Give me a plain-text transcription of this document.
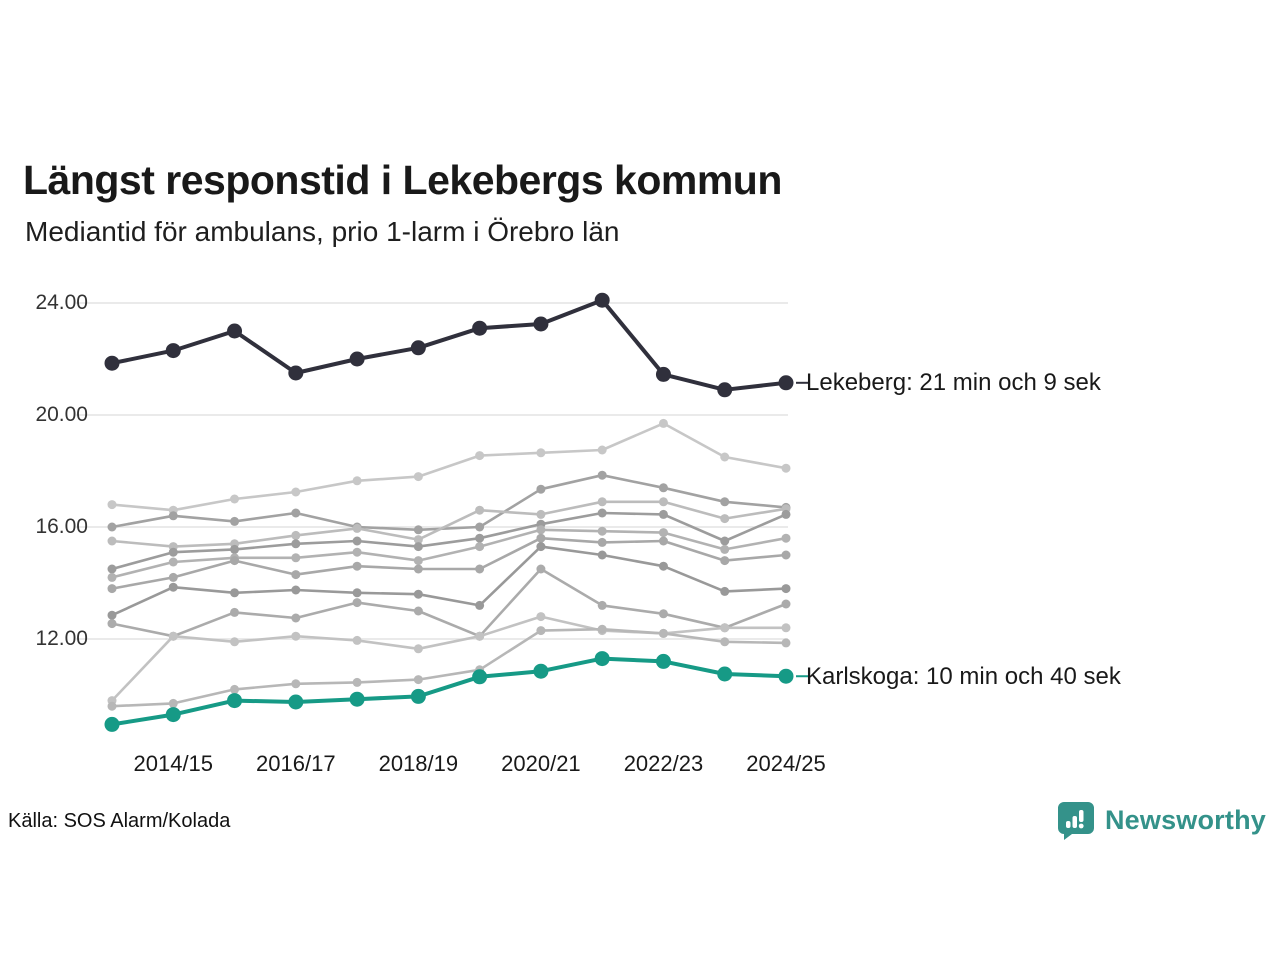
Längst responstid i Lekebergs kommun
Mediantid för ambulans, prio 1-larm i Örebro län
12.00
16.00
20.00
24.00
2014/15	2016/17	2018/19	2020/21	2022/23	2024/25
Lekeberg: 21 min och 9 sek
Karlskoga: 10 min och 40 sek
Källa: SOS Alarm/Kolada	Newsworthy
